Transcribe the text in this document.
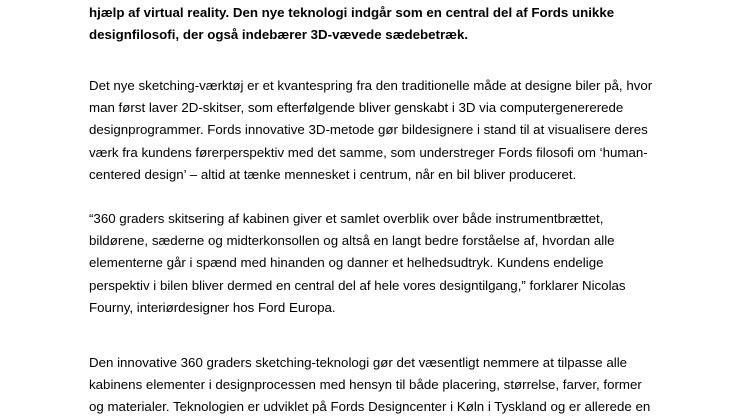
hjælp af virtual reality. Den nye teknologi indgår som en central del af Fords unikke
designfilosofi, der også indebærer 3D-vævede sædebetræk.

Det nye sketching-værktøj er et kvantespring fra den traditionelle måde at designe biler på, hvor
man først laver 2D-skitser, som efterfølgende bliver genskabt i 3D via computergenererede
designprogrammer. Fords innovative 3D-metode gør bildesignere i stand til at visualisere deres
værk fra kundens førerperspektiv med det samme, som understreger Fords filosofi om ‘human-
centered design’ – altid at tænke mennesket i centrum, når en bil bliver produceret.

“360 graders skitsering af kabinen giver et samlet overblik over både instrumentbrættet,
bildørene, sæderne og midterkonsollen og altså en langt bedre forståelse af, hvordan alle
elementerne går i spænd med hinanden og danner et helhedsudtryk. Kundens endelige
perspektiv i bilen bliver dermed en central del af hele vores designtilgang,” forklarer Nicolas
Fourny, interiørdesigner hos Ford Europa.

Den innovative 360 graders sketching-teknologi gør det væsentligt nemmere at tilpasse alle
kabinens elementer i designprocessen med hensyn til både placering, størrelse, farver, former
og materialer. Teknologien er udviklet på Fords Designcenter i Køln i Tyskland og er allerede en
